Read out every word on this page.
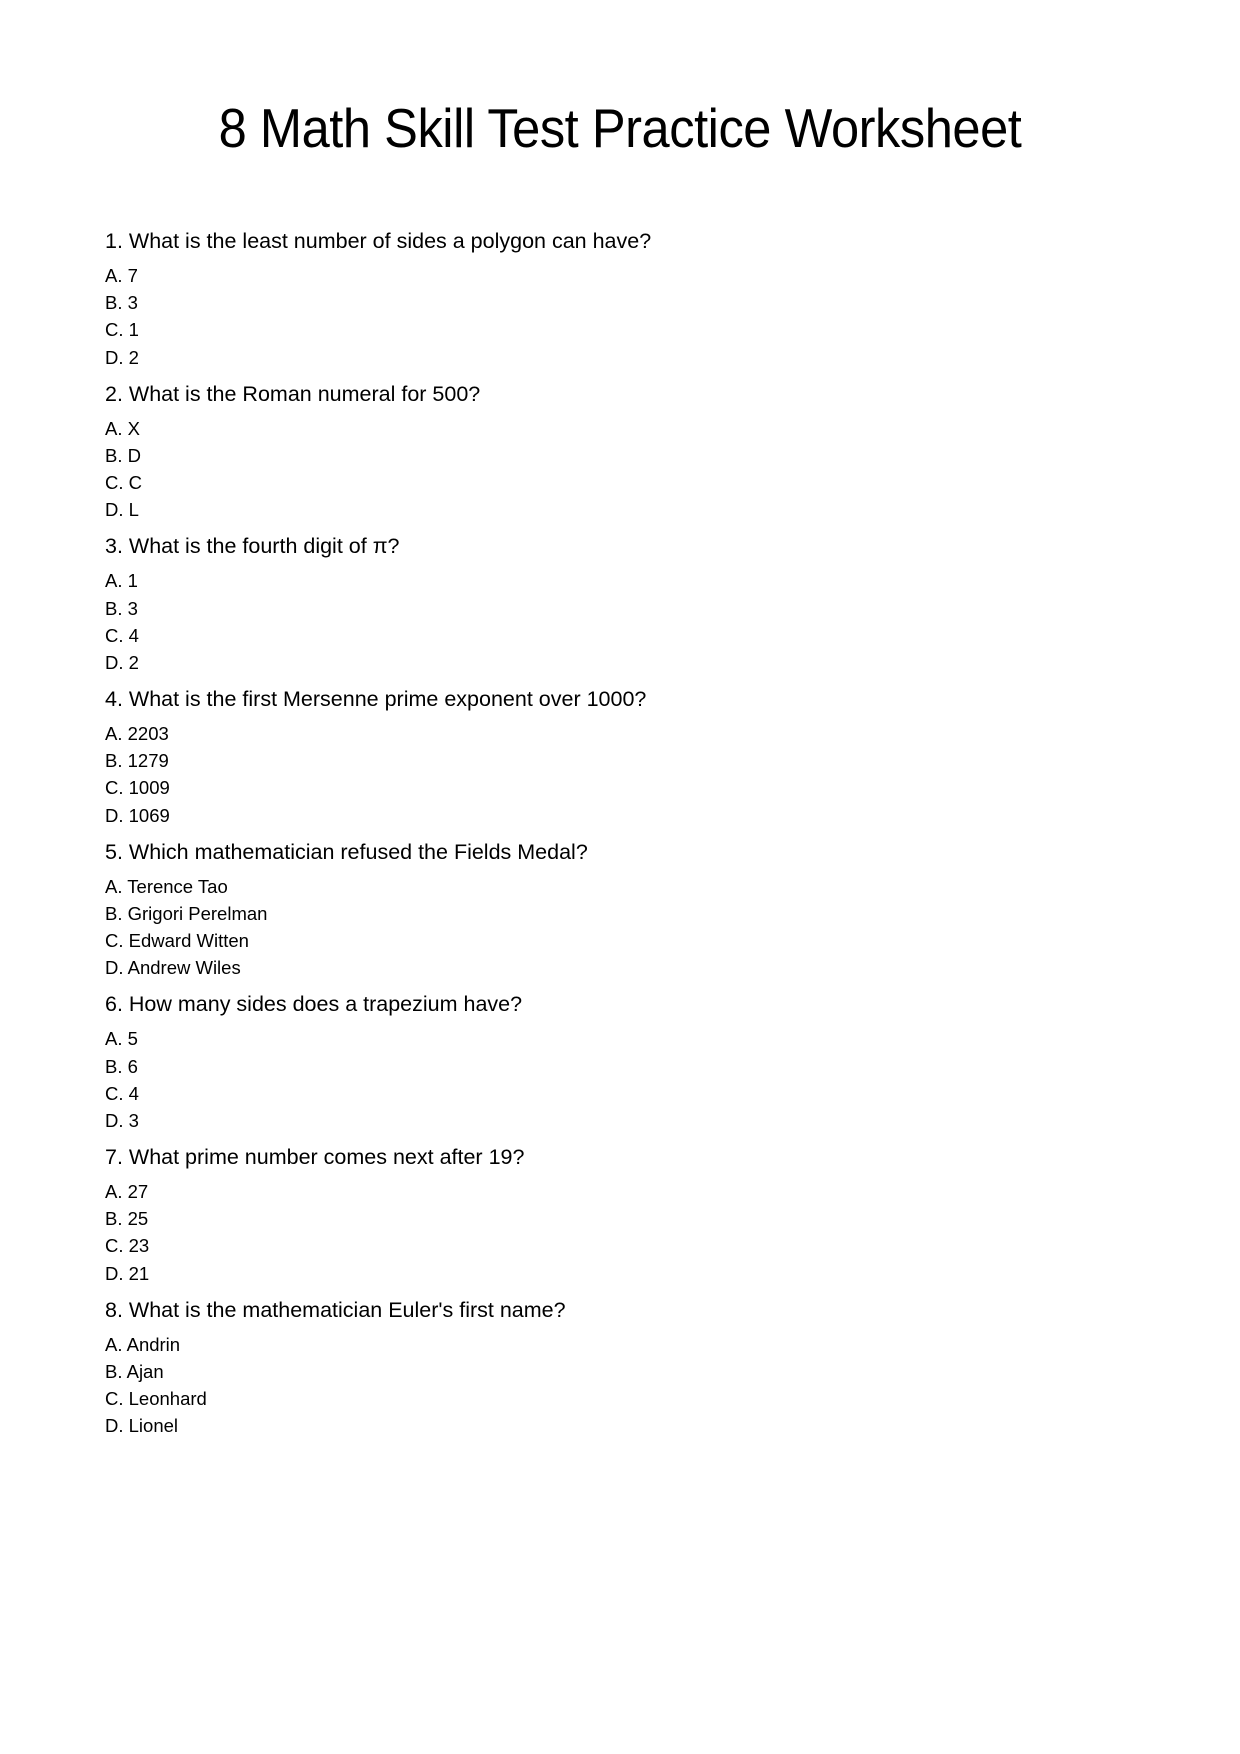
8 Math Skill Test Practice Worksheet
1. What is the least number of sides a polygon can have?
A. 7
B. 3
C. 1
D. 2
2. What is the Roman numeral for 500?
A. X
B. D
C. C
D. L
3. What is the fourth digit of π?
A. 1
B. 3
C. 4
D. 2
4. What is the first Mersenne prime exponent over 1000?
A. 2203
B. 1279
C. 1009
D. 1069
5. Which mathematician refused the Fields Medal?
A. Terence Tao
B. Grigori Perelman
C. Edward Witten
D. Andrew Wiles
6. How many sides does a trapezium have?
A. 5
B. 6
C. 4
D. 3
7. What prime number comes next after 19?
A. 27
B. 25
C. 23
D. 21
8. What is the mathematician Euler's first name?
A. Andrin
B. Ajan
C. Leonhard
D. Lionel
